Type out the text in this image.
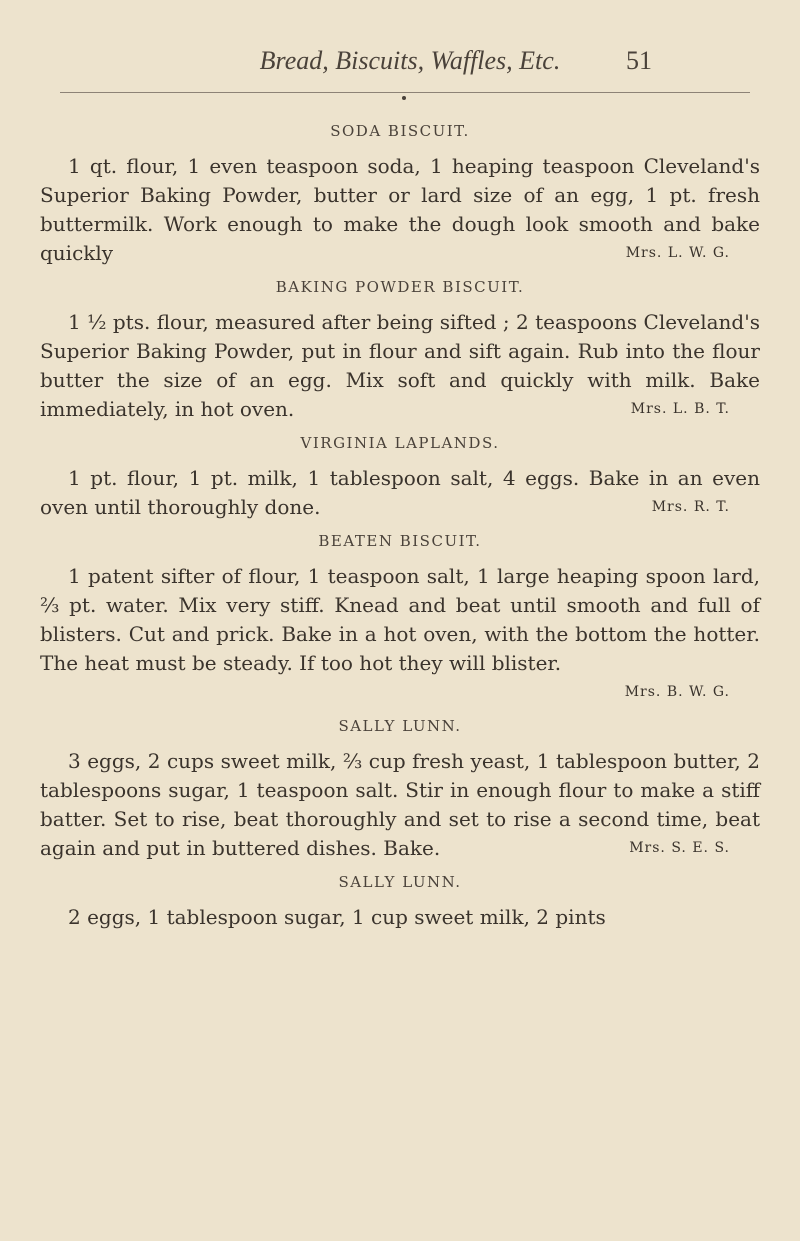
Bread, Biscuits, Waffles, Etc.	51
SODA BISCUIT.

1 qt. flour, 1 even teaspoon soda, 1 heaping teaspoon Cleveland's Superior Baking Powder, butter or lard size of an egg, 1 pt. fresh buttermilk. Work enough to make the dough look smooth and bake quickly	Mrs. L. W. G.

BAKING POWDER BISCUIT.

1 ½ pts. flour, measured after being sifted ; 2 teaspoons Cleveland's Superior Baking Powder, put in flour and sift again. Rub into the flour butter the size of an egg. Mix soft and quickly with milk. Bake immediately, in hot oven.	Mrs. L. B. T.

VIRGINIA LAPLANDS.

1 pt. flour, 1 pt. milk, 1 tablespoon salt, 4 eggs. Bake in an even oven until thoroughly done.	Mrs. R. T.

BEATEN BISCUIT.

1 patent sifter of flour, 1 teaspoon salt, 1 large heaping spoon lard, ⅔ pt. water. Mix very stiff. Knead and beat until smooth and full of blisters. Cut and prick. Bake in a hot oven, with the bottom the hotter. The heat must be steady. If too hot they will blister.

Mrs. B. W. G.
SALLY LUNN.

3 eggs, 2 cups sweet milk, ⅔ cup fresh yeast, 1 tablespoon butter, 2 tablespoons sugar, 1 teaspoon salt. Stir in enough flour to make a stiff batter. Set to rise, beat thoroughly and set to rise a second time, beat again and put in buttered dishes. Bake.	Mrs. S. E. S.

SALLY LUNN.

2 eggs, 1 tablespoon sugar, 1 cup sweet milk, 2 pints
